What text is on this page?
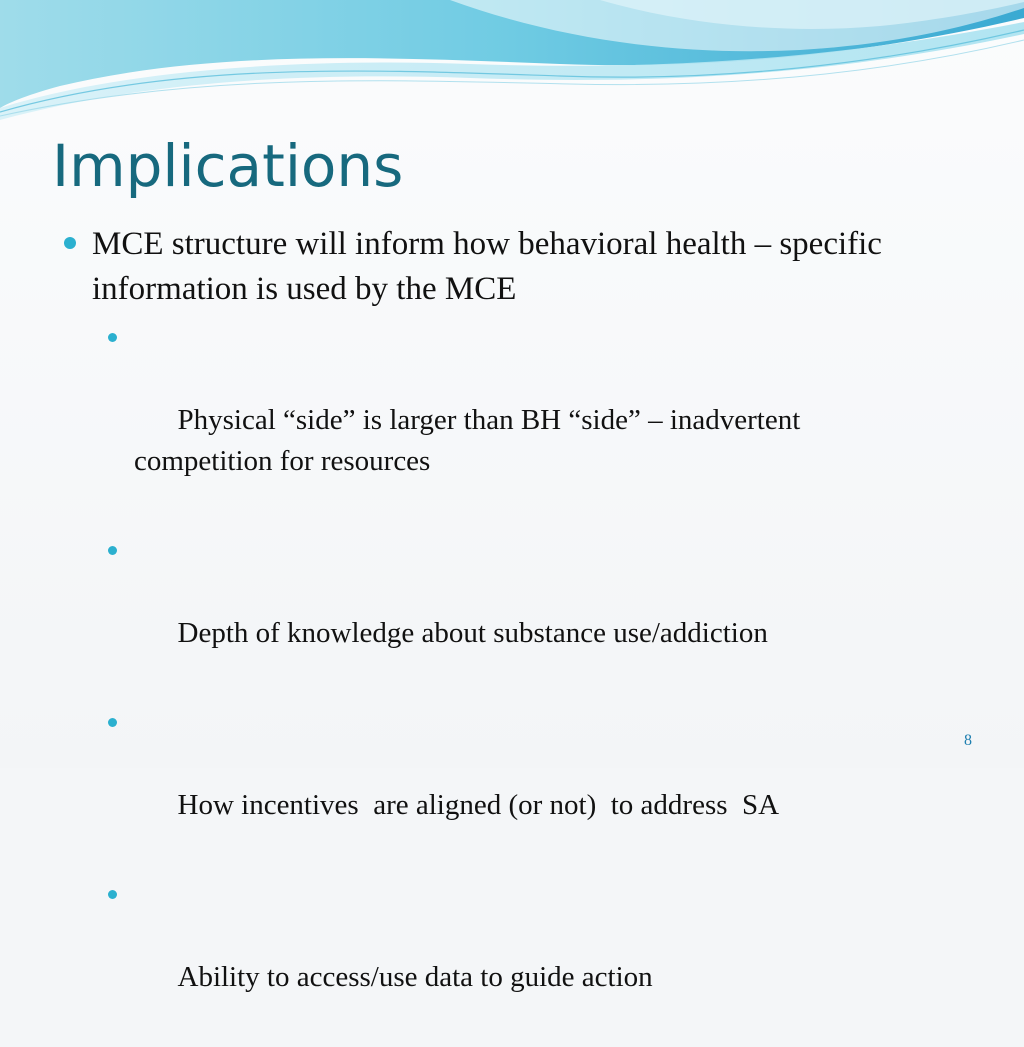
Implications
MCE structure will inform how behavioral health – specific information is used by the MCE

Physical “side” is larger than BH “side” – inadvertent competition for resources

Depth of knowledge about substance use/addiction

How incentives  are aligned (or not)  to address  SA

Ability to access/use data to guide action

8
